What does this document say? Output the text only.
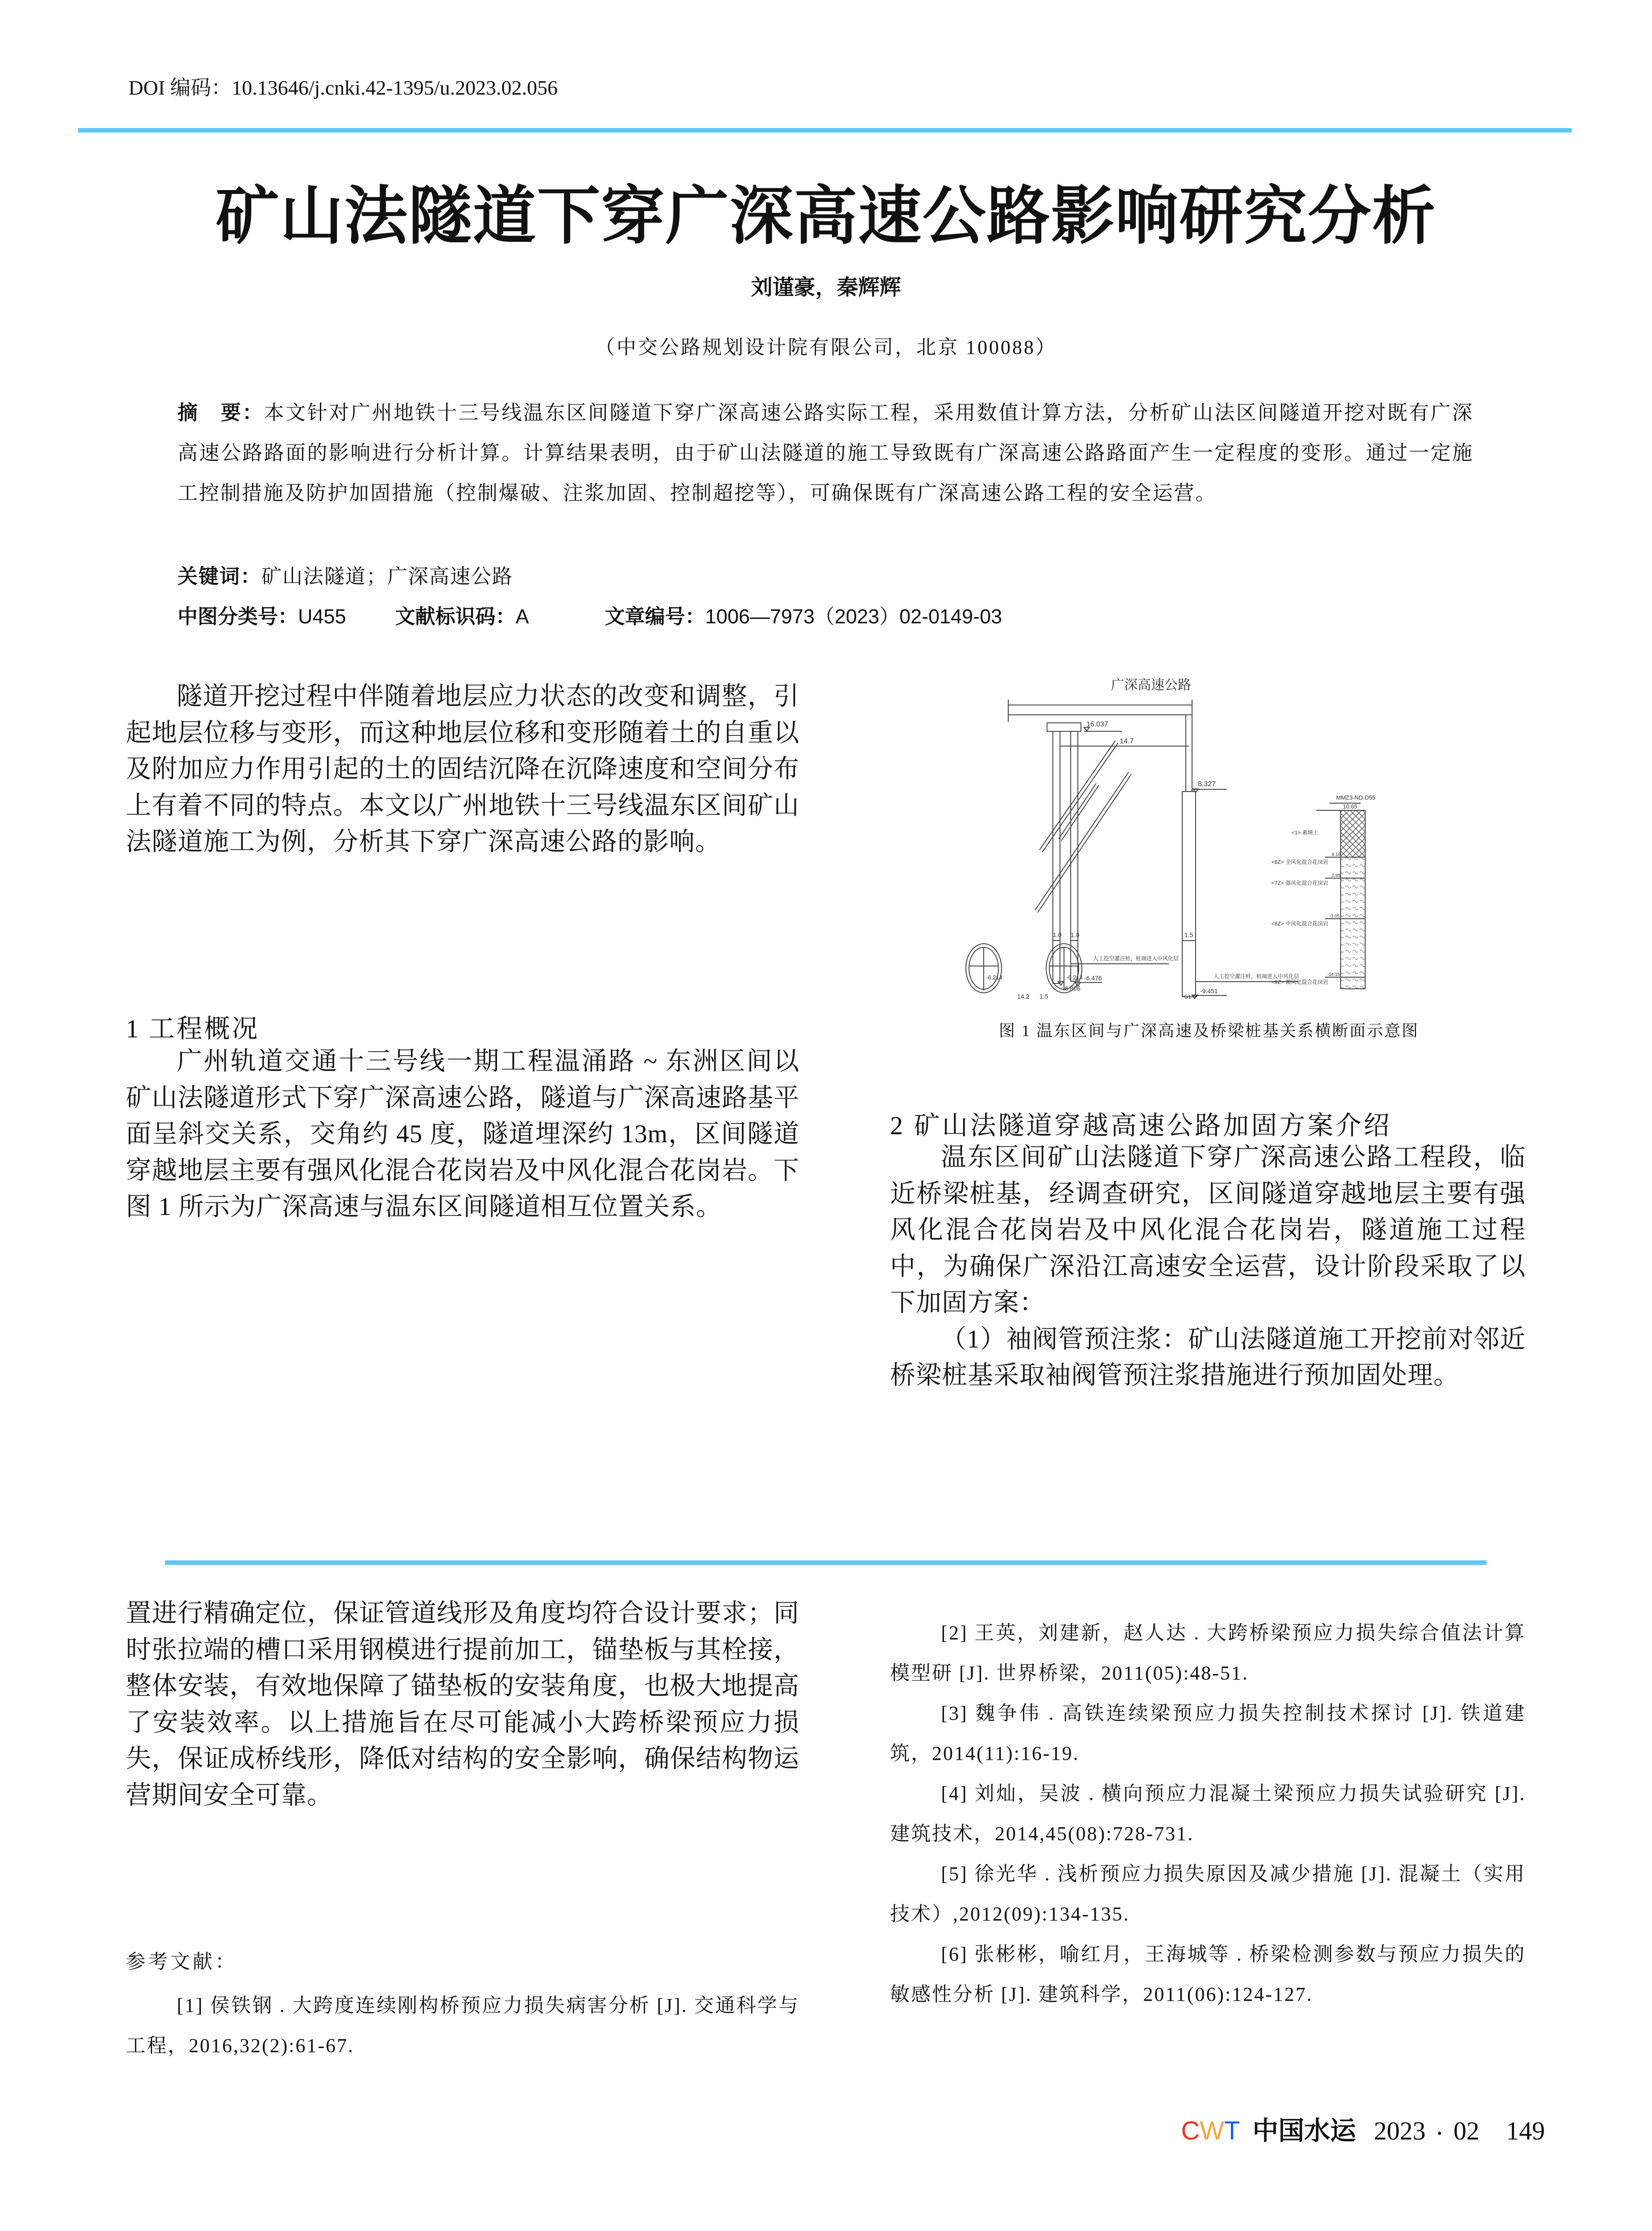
DOI 编码：10.13646/j.cnki.42-1395/u.2023.02.056
矿山法隧道下穿广深高速公路影响研究分析
刘谨豪，秦辉辉
（中交公路规划设计院有限公司，北京 100088）
摘　要：本文针对广州地铁十三号线温东区间隧道下穿广深高速公路实际工程，采用数值计算方法，分析矿山法区间隧道开挖对既有广深高速公路路面的影响进行分析计算。计算结果表明，由于矿山法隧道的施工导致既有广深高速公路路面产生一定程度的变形。通过一定施工控制措施及防护加固措施（控制爆破、注浆加固、控制超挖等），可确保既有广深高速公路工程的安全运营。
关键词：矿山法隧道；广深高速公路
中图分类号：U455 文献标识码：A	文章编号：1006—7973（2023）02-0149-03

隧道开挖过程中伴随着地层应力状态的改变和调整，引起地层位移与变形，而这种地层位移和变形随着土的自重以及附加应力作用引起的土的固结沉降在沉降速度和空间分布上有着不同的特点。本文以广州地铁十三号线温东区间矿山法隧道施工为例，分析其下穿广深高速公路的影响。

1 工程概况

广州轨道交通十三号线一期工程温涌路 ~ 东洲区间以矿山法隧道形式下穿广深高速公路，隧道与广深高速路基平面呈斜交关系，交角约 45 度，隧道埋深约 13m，区间隧道穿越地层主要有强风化混合花岗岩及中风化混合花岗岩。下图 1 所示为广深高速与温东区间隧道相互位置关系。

广深高速公路
16.037
14.7
8.327
1.0 1.0	1.5
人工挖空灌注桩，桩端进入中风化层
人工挖空灌注桩，桩端进入中风化层
-6.806
-6.476
-9.451
S1
-6.214	-6.214
14.2 1.5
MMZ3-ND-D55
10.65
8.16
<1> 素填土
2.95
<6Z> 全风化混合花岗岩
-3.05
<7Z> 强风化混合花岗岩
-14.15
<8Z> 中风化混合花岗岩
<9Z> 微风化混合花岗岩
图 1 温东区间与广深高速及桥梁桩基关系横断面示意图
2 矿山法隧道穿越高速公路加固方案介绍

温东区间矿山法隧道下穿广深高速公路工程段，临近桥梁桩基，经调查研究，区间隧道穿越地层主要有强风化混合花岗岩及中风化混合花岗岩，隧道施工过程中，为确保广深沿江高速安全运营，设计阶段采取了以下加固方案：

（1）袖阀管预注浆：矿山法隧道施工开挖前对邻近桥梁桩基采取袖阀管预注浆措施进行预加固处理。

置进行精确定位，保证管道线形及角度均符合设计要求；同时张拉端的槽口采用钢模进行提前加工，锚垫板与其栓接，整体安装，有效地保障了锚垫板的安装角度，也极大地提高了安装效率。以上措施旨在尽可能减小大跨桥梁预应力损失，保证成桥线形，降低对结构的安全影响，确保结构物运营期间安全可靠。

参考文献：

[1] 侯铁钢 . 大跨度连续刚构桥预应力损失病害分析 [J]. 交通科学与工程，2016,32(2):61-67.

[2] 王英，刘建新，赵人达 . 大跨桥梁预应力损失综合值法计算模型研 [J]. 世界桥梁，2011(05):48-51.

[3] 魏争伟 . 高铁连续梁预应力损失控制技术探讨 [J]. 铁道建筑，2014(11):16-19.

[4] 刘灿，吴波 . 横向预应力混凝土梁预应力损失试验研究 [J]. 建筑技术，2014,45(08):728-731.

[5] 徐光华 . 浅析预应力损失原因及减少措施 [J]. 混凝土（实用技术）,2012(09):134-135.

[6] 张彬彬，喻红月，王海城等 . 桥梁检测参数与预应力损失的敏感性分析 [J]. 建筑科学，2011(06):124-127.

CWT 中国水运 2023 • 02 149
